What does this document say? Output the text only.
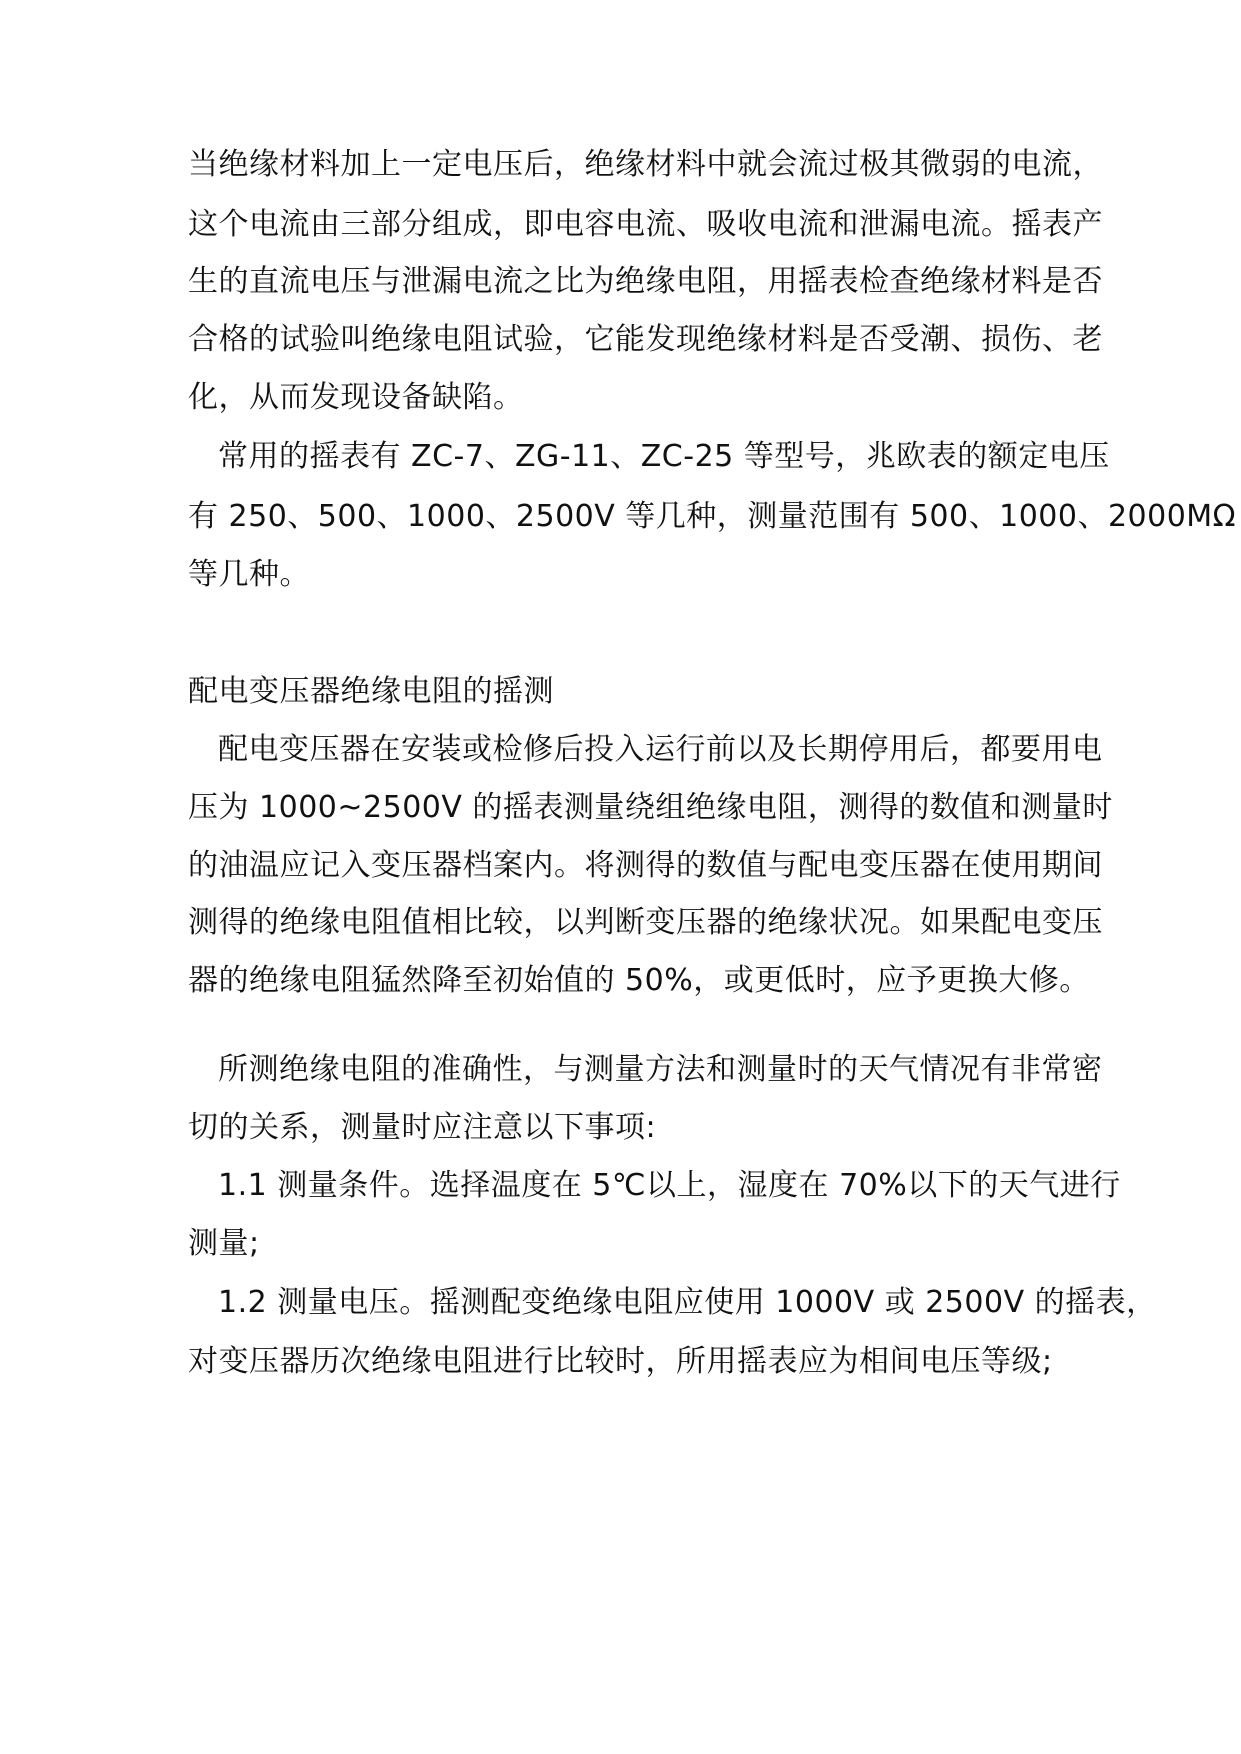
当绝缘材料加上一定电压后，绝缘材料中就会流过极其微弱的电流，
这个电流由三部分组成，即电容电流、吸收电流和泄漏电流。摇表产
生的直流电压与泄漏电流之比为绝缘电阻，用摇表检查绝缘材料是否
合格的试验叫绝缘电阻试验，它能发现绝缘材料是否受潮、损伤、老
化，从而发现设备缺陷。
常用的摇表有 ZC-7、ZG-11、ZC-25 等型号，兆欧表的额定电压
有 250、500、1000、2500V 等几种，测量范围有 500、1000、2000MΩ
等几种。
配电变压器绝缘电阻的摇测
配电变压器在安装或检修后投入运行前以及长期停用后，都要用电
压为 1000~2500V 的摇表测量绕组绝缘电阻，测得的数值和测量时
的油温应记入变压器档案内。将测得的数值与配电变压器在使用期间
测得的绝缘电阻值相比较，以判断变压器的绝缘状况。如果配电变压
器的绝缘电阻猛然降至初始值的 50%，或更低时，应予更换大修。
所测绝缘电阻的准确性，与测量方法和测量时的天气情况有非常密
切的关系，测量时应注意以下事项:
1.1 测量条件。选择温度在 5℃以上，湿度在 70%以下的天气进行
测量;
1.2 测量电压。摇测配变绝缘电阻应使用 1000V 或 2500V 的摇表，
对变压器历次绝缘电阻进行比较时，所用摇表应为相间电压等级;
